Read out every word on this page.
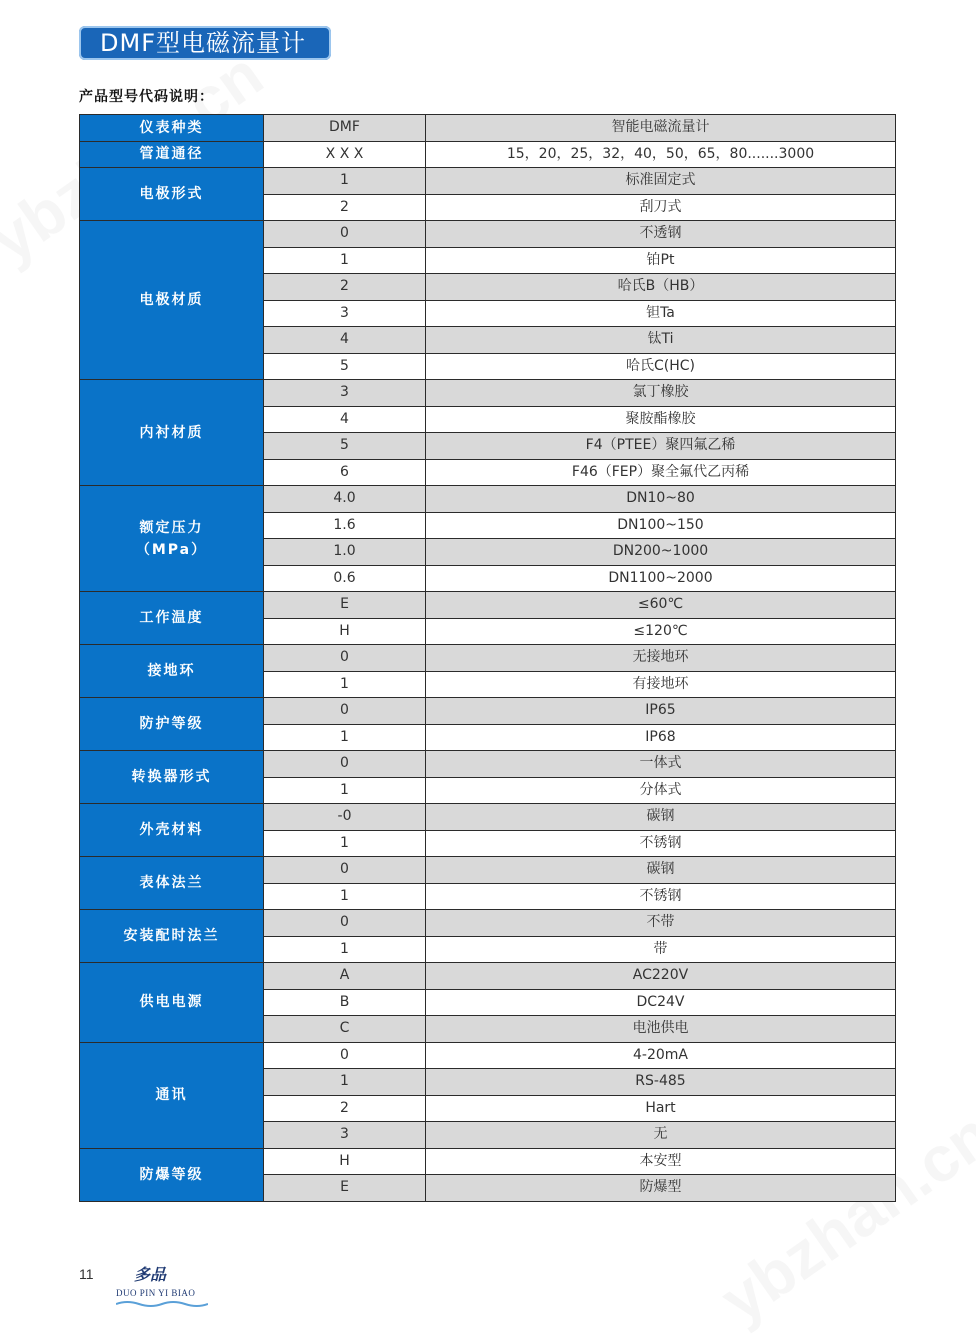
DMF型电磁流量计
产品型号代码说明：
仪表种类	DMF	智能电磁流量计

管道通径	X X X	15，20，25，32，40，50，65，80.......3000

电极形式	1	标准固定式
	2	刮刀式

电极材质	0	不透钢
	1	铂Pt
	2	哈氏B（HB）
	3	钽Ta
	4	钛Ti
	5	哈氏C(HC)

内衬材质	3	氯丁橡胶
	4	聚胺酯橡胶
	5	F4（PTEE）聚四氟乙稀
	6	F46（FEP）聚全氟代乙丙稀

额定压力
（MPa）	4.0	DN10~80
	1.6	DN100~150
	1.0	DN200~1000
	0.6	DN1100~2000

工作温度	E	≤60℃
	H	≤120℃

接地环	0	无接地环
	1	有接地环

防护等级	0	IP65
	1	IP68

转换器形式	0	一体式
	1	分体式

外壳材料	-0	碳钢
	1	不锈钢

表体法兰	0	碳钢
	1	不锈钢

安装配时法兰	0	不带
	1	带

供电电源	A	AC220V
	B	DC24V
	C	电池供电

通讯	0	4-20mA
	1	RS-485
	2	Hart
	3	无

防爆等级	H	本安型
	E	防爆型
11	多品
DUO PIN YI BIAO
